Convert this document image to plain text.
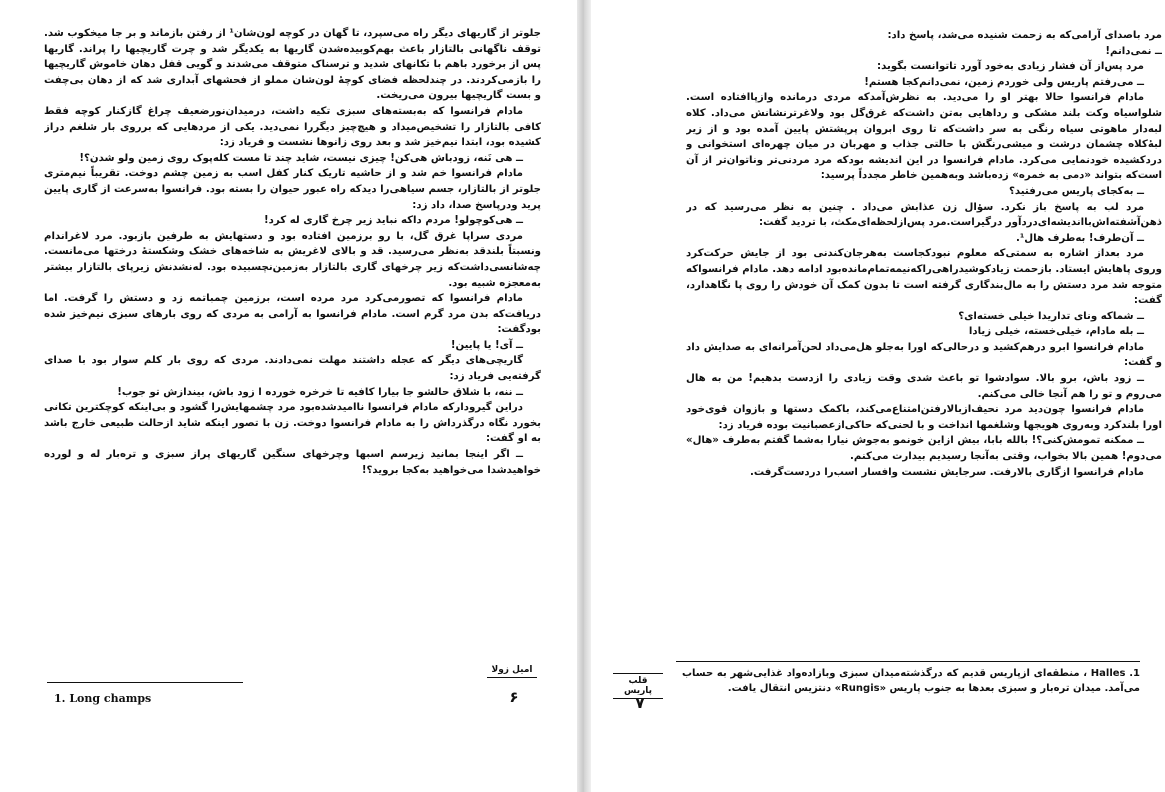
جلوتر از گاریهای دیگر راه می‌سپرد، تا گهان در کوچه لون‌شان¹ از رفتن بازماند و بر جا میخکوب شد. توقف ناگهانی بالتازار باعث بهم‌کوبیده‌شدن گاریها به یکدیگر شد و چرت گاریچیها را پراند. گاریها پس از برخورد باهم با تکانهای شدید و ترسناک متوقف می‌شدند و گویی قفل دهان خاموش گاریچیها را بازمی‌کردند. در چندلحظه فضای کوچهٔ لون‌شان مملو از فحشهای آبداری شد که از دهان بی‌چفت و بست گاریچیها بیرون می‌ریخت.

مادام فرانسوا که به‌بسته‌های سبزی تکیه داشت، درمیدان‌نورضعیف چراغ گازکنار کوچه فقط کافی بالتازار را تشخیص‌میداد و هیچ‌چیز دیگررا نمی‌دید. یکی از مردهایی که برروی بار شلغم دراز کشیده بود، ابتدا نیم‌خیز شد و بعد روی زانوها نشست و فریاد زد:

ــ هی نَنه، زودباش هی‌کن! چیزی نیست، شاید چند تا مست کله‌پوک روی زمین ولو شدن؟!

مادام فرانسوا خم شد و از حاشیه تاریک کنار کفل اسب به زمین چشم دوخت. تقریباً نیم‌متری جلوتر از بالتازار، جسم سیاهی‌را دیدکه راه عبور حیوان را بسته بود. فرانسوا به‌سرعت از گاری پایین پرید ودرپاسخ صدا، داد زد:

ــ هی‌کوچولو! مردم داکه نباید زیر چرخ گاری له کرد!

مردی سراپا غرق گل، با رو برزمین افتاده بود و دستهایش به طرفین بازبود. مرد لاغراندام ونسبتاً بلندقد به‌نظر می‌رسید. قد و بالای لاغریش به شاخه‌های خشک وشکستهٔ درختها می‌مانست. چه‌شانسی‌داشت‌که زیر چرخهای گاری بالتازار به‌زمین‌نچسبیده بود. له‌نشدنش زیرپای بالتازار بیشتر به‌معجزه شبیه بود.

مادام فرانسوا که تصورمی‌کرد مرد مرده است، برزمین چمباتمه زد و دستش را گرفت. اما دریافت‌که بدن مرد گرم است. مادام فرانسوا به آرامی به مردی که روی بارهای سبزی نیم‌خیز شده بود‌گفت:

ــ آی! یا پایین!

گاریچی‌های دیگر که عجله داشتند مهلت نمی‌دادند. مردی که روی بار کلم سوار بود با صدای گرفته‌یی فریاد زد:

ــ ننه، با شلاق حالشو جا بیارا کافیه تا خرخره خورده ا زود باش، بیندازش تو جوب!

دراین گیرودارکه مادام فرانسوا ناامیدشده‌بود مرد چشمهایش‌را گشود و بی‌اینکه کوچکترین تکانی بخورد نگاه درگذرداش را به مادام فرانسوا دوخت. زن با تصور اینکه شاید ازحالت طبیعی خارج باشد به او گفت:

ــ اگر اینجا بمانید زیرسم اسبها وچرخهای سنگین گاریهای پراز سبزی و تره‌بار له و لورده خواهیدشدا می‌خواهید به‌کجا بروید؟!

امیل زولا
۶
1. Long champs

مرد باصدای آرامی‌که به زحمت شنیده می‌شد، پاسخ داد:

ــ نمی‌دانم!

مرد پس‌از آن فشار زیادی به‌خود آورد تا‌توانست بگوید:

ــ می‌رفتم پاریس ولی خوردم زمین، نمی‌دانم‌کجا هستم!

مادام فرانسوا حالا بهتر او را می‌دید. به نظرش‌آمدکه مردی درمانده وازپاافتاده است. شلواسیاه وکت بلند مشکی و رداهایی به‌تن داشت‌که غرق‌گل بود ولاغرترنشانش می‌داد. کلاه لبه‌دار ماهوتی سیاه رنگی به سر داشت‌که تا روی ابروان پرپشتش پایین آمده بود و از زیر لبهٔ‌کلاه چشمان درشت و میشی‌رنگش با حالتی جذاب و مهربان در میان چهره‌ای استخوانی و دردکشیده خودنمایی می‌کرد. مادام فرانسوا در این اندیشه بودکه مرد مردنی‌تر وناتوان‌تر از آن است‌که بتواند «دمی به خمره» زده‌باشد وبه‌همین خاطر مجدداً پرسید:

ــ به‌کجای پاریس می‌رفتید؟

مرد لب به پاسخ باز نکرد. سؤال زن عذابش می‌داد . چنین به نظر می‌رسید که در ذهن‌آشفته‌اش‌بااندیشه‌ای‌دردآور درگیراست.مرد پس‌ازلحظه‌ای‌مکث، با تردید گفت:

ــ آن‌طرف! به‌طرف هال¹.

مرد بعداز اشاره به سمتی‌که معلوم نبودکجاست به‌هرجان‌کندنی بود از جایش حرکت‌کرد وروی پاهایش ایستاد. با‌زحمت زیادکوشیدراهی‌راکه‌نیمه‌تمام‌مانده‌بود ادامه دهد. مادام فرانسواکه متوجه شد مرد دستش را به مال‌بندگاری گرفته است تا‌ بدون کمک آن خودش را روی پا نگاهدارد، گفت:

ــ شماکه ونای تداریدا خیلی خسته‌ای؟

ــ بله مادام، خیلی‌خسته، خیلی زیادا

مادام فرانسوا ابرو درهم‌کشید و درحالی‌که اورا به‌جلو هل‌می‌داد لحن‌آمرانه‌ای به صدایش داد و گفت:

ــ زود باش، برو بالا. سوادشوا تو باعث شدی وقت زیادی را ازدست بدهیم! من به هال می‌روم و تو را هم آنجا خالی می‌کنم.

مادام فرانسوا چون‌دید مرد نحیف‌ازبالارفتن‌امتناع‌می‌کند، باکمک دستها و بازوان قوی‌خود اورا بلندکرد وبه‌روی هویجها وشلغمها انداخت و با لحنی‌که حاکی‌ازعصبانیت بوده فریاد زد:

ــ ممکنه تمومش‌کنی؟! بالله بابا، بیش ازاین خونمو به‌جوش نیارا به‌شما گفتم به‌طرف «هال» می‌دوم! همین بالا بخواب، وقتی به‌آنجا رسیدیم بیدارت می‌کنم.

مادام فرانسوا ازگاری بالارفت. سرجایش نشست وافسار اسب‌را دردست‌گرفت.

قلب پاریس
۷
1. Halles ، منطقه‌ای ازپاریس قدیم که درگذشته‌میدان سبزی وبازاده‌واد غذایی‌شهر به حساب می‌آمد. میدان تره‌بار و سبزی بعدها به جنوب پاریس «Rungis» دنتزیس انتقال یافت.
